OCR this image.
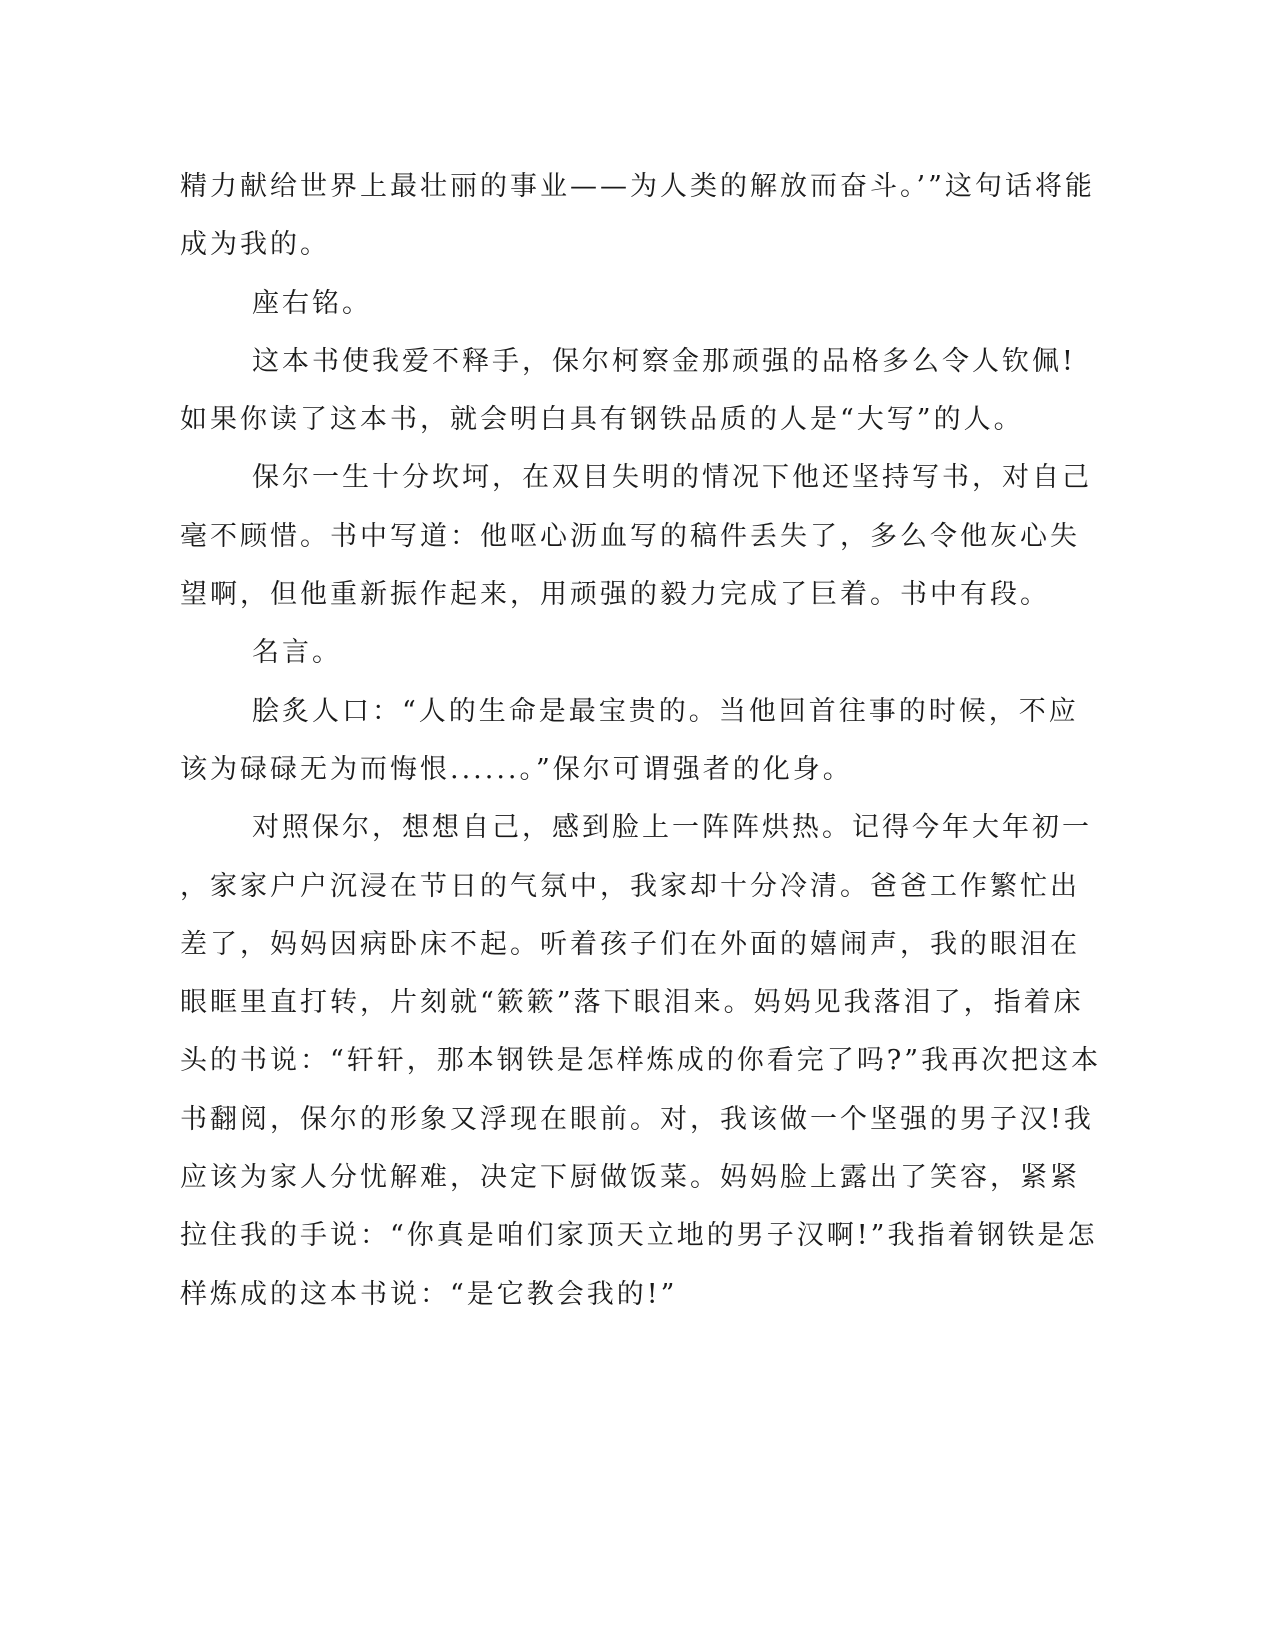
精力献给世界上最壮丽的事业——为人类的解放而奋斗。’”这句话将能
成为我的。
座右铭。
这本书使我爱不释手，保尔柯察金那顽强的品格多么令人钦佩!
如果你读了这本书，就会明白具有钢铁品质的人是“大写”的人。
保尔一生十分坎坷，在双目失明的情况下他还坚持写书，对自己
毫不顾惜。书中写道：他呕心沥血写的稿件丢失了，多么令他灰心失
望啊，但他重新振作起来，用顽强的毅力完成了巨着。书中有段。
名言。
脍炙人口：“人的生命是最宝贵的。当他回首往事的时候，不应
该为碌碌无为而悔恨......。”保尔可谓强者的化身。
对照保尔，想想自己，感到脸上一阵阵烘热。记得今年大年初一
，家家户户沉浸在节日的气氛中，我家却十分冷清。爸爸工作繁忙出
差了，妈妈因病卧床不起。听着孩子们在外面的嬉闹声，我的眼泪在
眼眶里直打转，片刻就“簌簌”落下眼泪来。妈妈见我落泪了，指着床
头的书说：“轩轩，那本钢铁是怎样炼成的你看完了吗?”我再次把这本
书翻阅，保尔的形象又浮现在眼前。对，我该做一个坚强的男子汉!我
应该为家人分忧解难，决定下厨做饭菜。妈妈脸上露出了笑容，紧紧
拉住我的手说：“你真是咱们家顶天立地的男子汉啊!”我指着钢铁是怎
样炼成的这本书说：“是它教会我的!”
